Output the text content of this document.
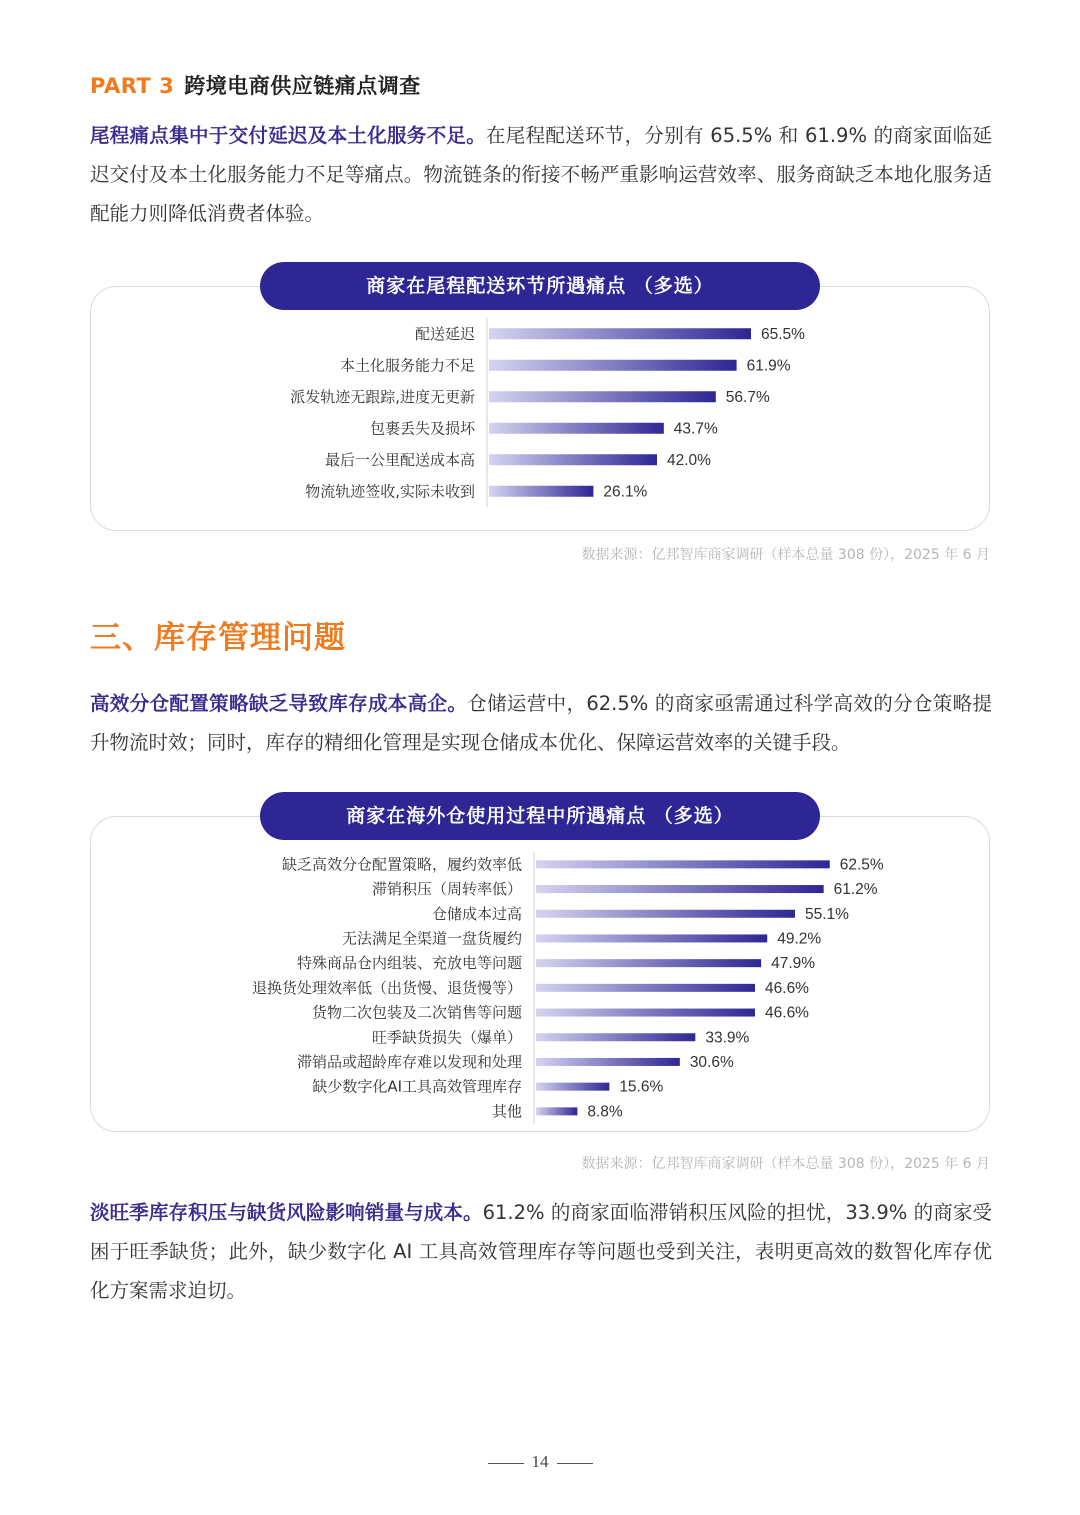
PART 3 跨境电商供应链痛点调查
尾程痛点集中于交付延迟及本土化服务不足。在尾程配送环节，分别有 65.5% 和 61.9% 的商家面临延迟交付及本土化服务能力不足等痛点。物流链条的衔接不畅严重影响运营效率、服务商缺乏本地化服务适配能力则降低消费者体验。
商家在尾程配送环节所遇痛点 （多选）
配送延迟	65.5%
本土化服务能力不足	61.9%
派发轨迹无跟踪,进度无更新	56.7%
包裹丢失及损坏	43.7%
最后一公里配送成本高	42.0%
物流轨迹签收,实际未收到	26.1%
数据来源：亿邦智库商家调研（样本总量 308 份），2025 年 6 月
三、库存管理问题
高效分仓配置策略缺乏导致库存成本高企。仓储运营中，62.5% 的商家亟需通过科学高效的分仓策略提升物流时效；同时，库存的精细化管理是实现仓储成本优化、保障运营效率的关键手段。
商家在海外仓使用过程中所遇痛点 （多选）
缺乏高效分仓配置策略，履约效率低	62.5%
滞销积压（周转率低）	61.2%
仓储成本过高	55.1%
无法满足全渠道一盘货履约	49.2%
特殊商品仓内组装、充放电等问题	47.9%
退换货处理效率低（出货慢、退货慢等）	46.6%
货物二次包装及二次销售等问题	46.6%
旺季缺货损失（爆单）	33.9%
滞销品或超龄库存难以发现和处理	30.6%
缺少数字化AI工具高效管理库存	15.6%
其他	8.8%
数据来源：亿邦智库商家调研（样本总量 308 份），2025 年 6 月
淡旺季库存积压与缺货风险影响销量与成本。61.2% 的商家面临滞销积压风险的担忧，33.9% 的商家受困于旺季缺货；此外，缺少数字化 AI 工具高效管理库存等问题也受到关注，表明更高效的数智化库存优化方案需求迫切。
14
